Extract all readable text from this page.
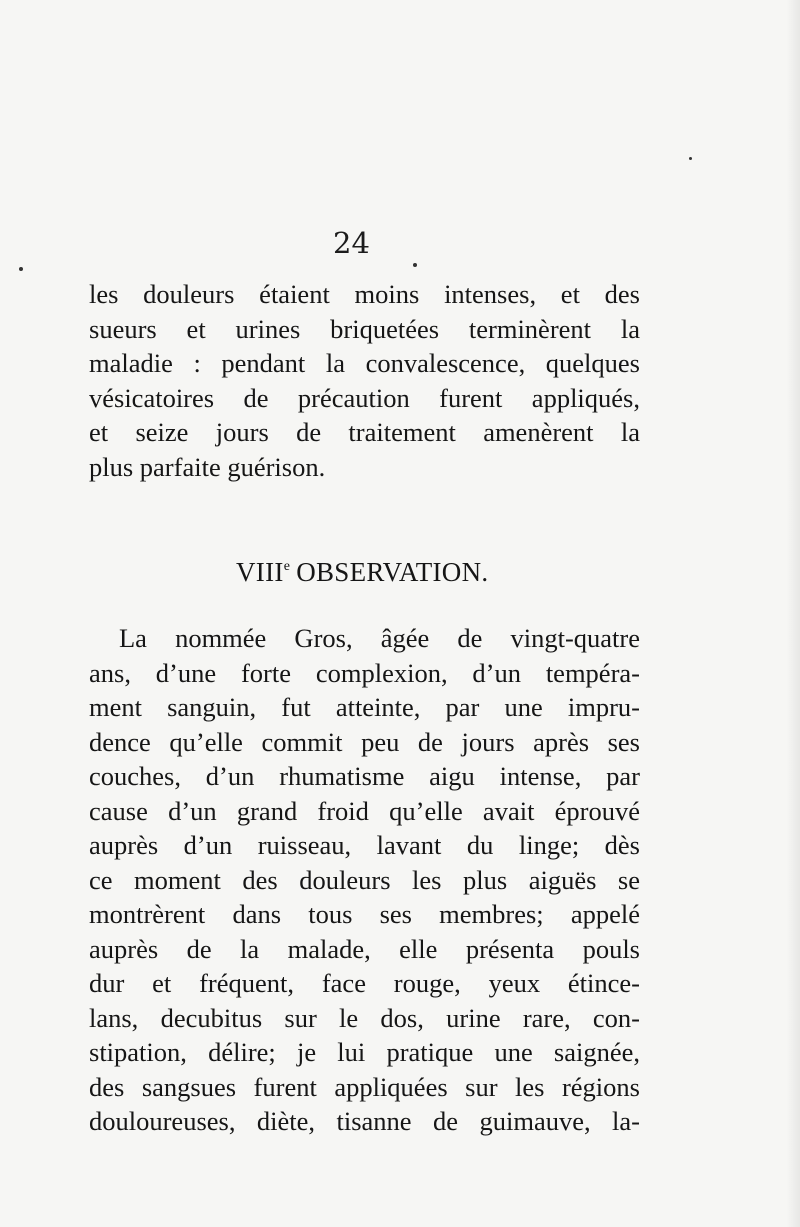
24
les douleurs étaient moins intenses, et des
sueurs et urines briquetées terminèrent la
maladie : pendant la convalescence, quelques
vésicatoires de précaution furent appliqués,
et seize jours de traitement amenèrent la
plus parfaite guérison.
VIIIe OBSERVATION.
La nommée Gros, âgée de vingt-quatre
ans, d’une forte complexion, d’un tempéra-
ment sanguin, fut atteinte, par une impru-
dence qu’elle commit peu de jours après ses
couches, d’un rhumatisme aigu intense, par
cause d’un grand froid qu’elle avait éprouvé
auprès d’un ruisseau, lavant du linge; dès
ce moment des douleurs les plus aiguës se
montrèrent dans tous ses membres; appelé
auprès de la malade, elle présenta pouls
dur et fréquent, face rouge, yeux étince-
lans, decubitus sur le dos, urine rare, con-
stipation, délire; je lui pratique une saignée,
des sangsues furent appliquées sur les régions
douloureuses, diète, tisanne de guimauve, la-
